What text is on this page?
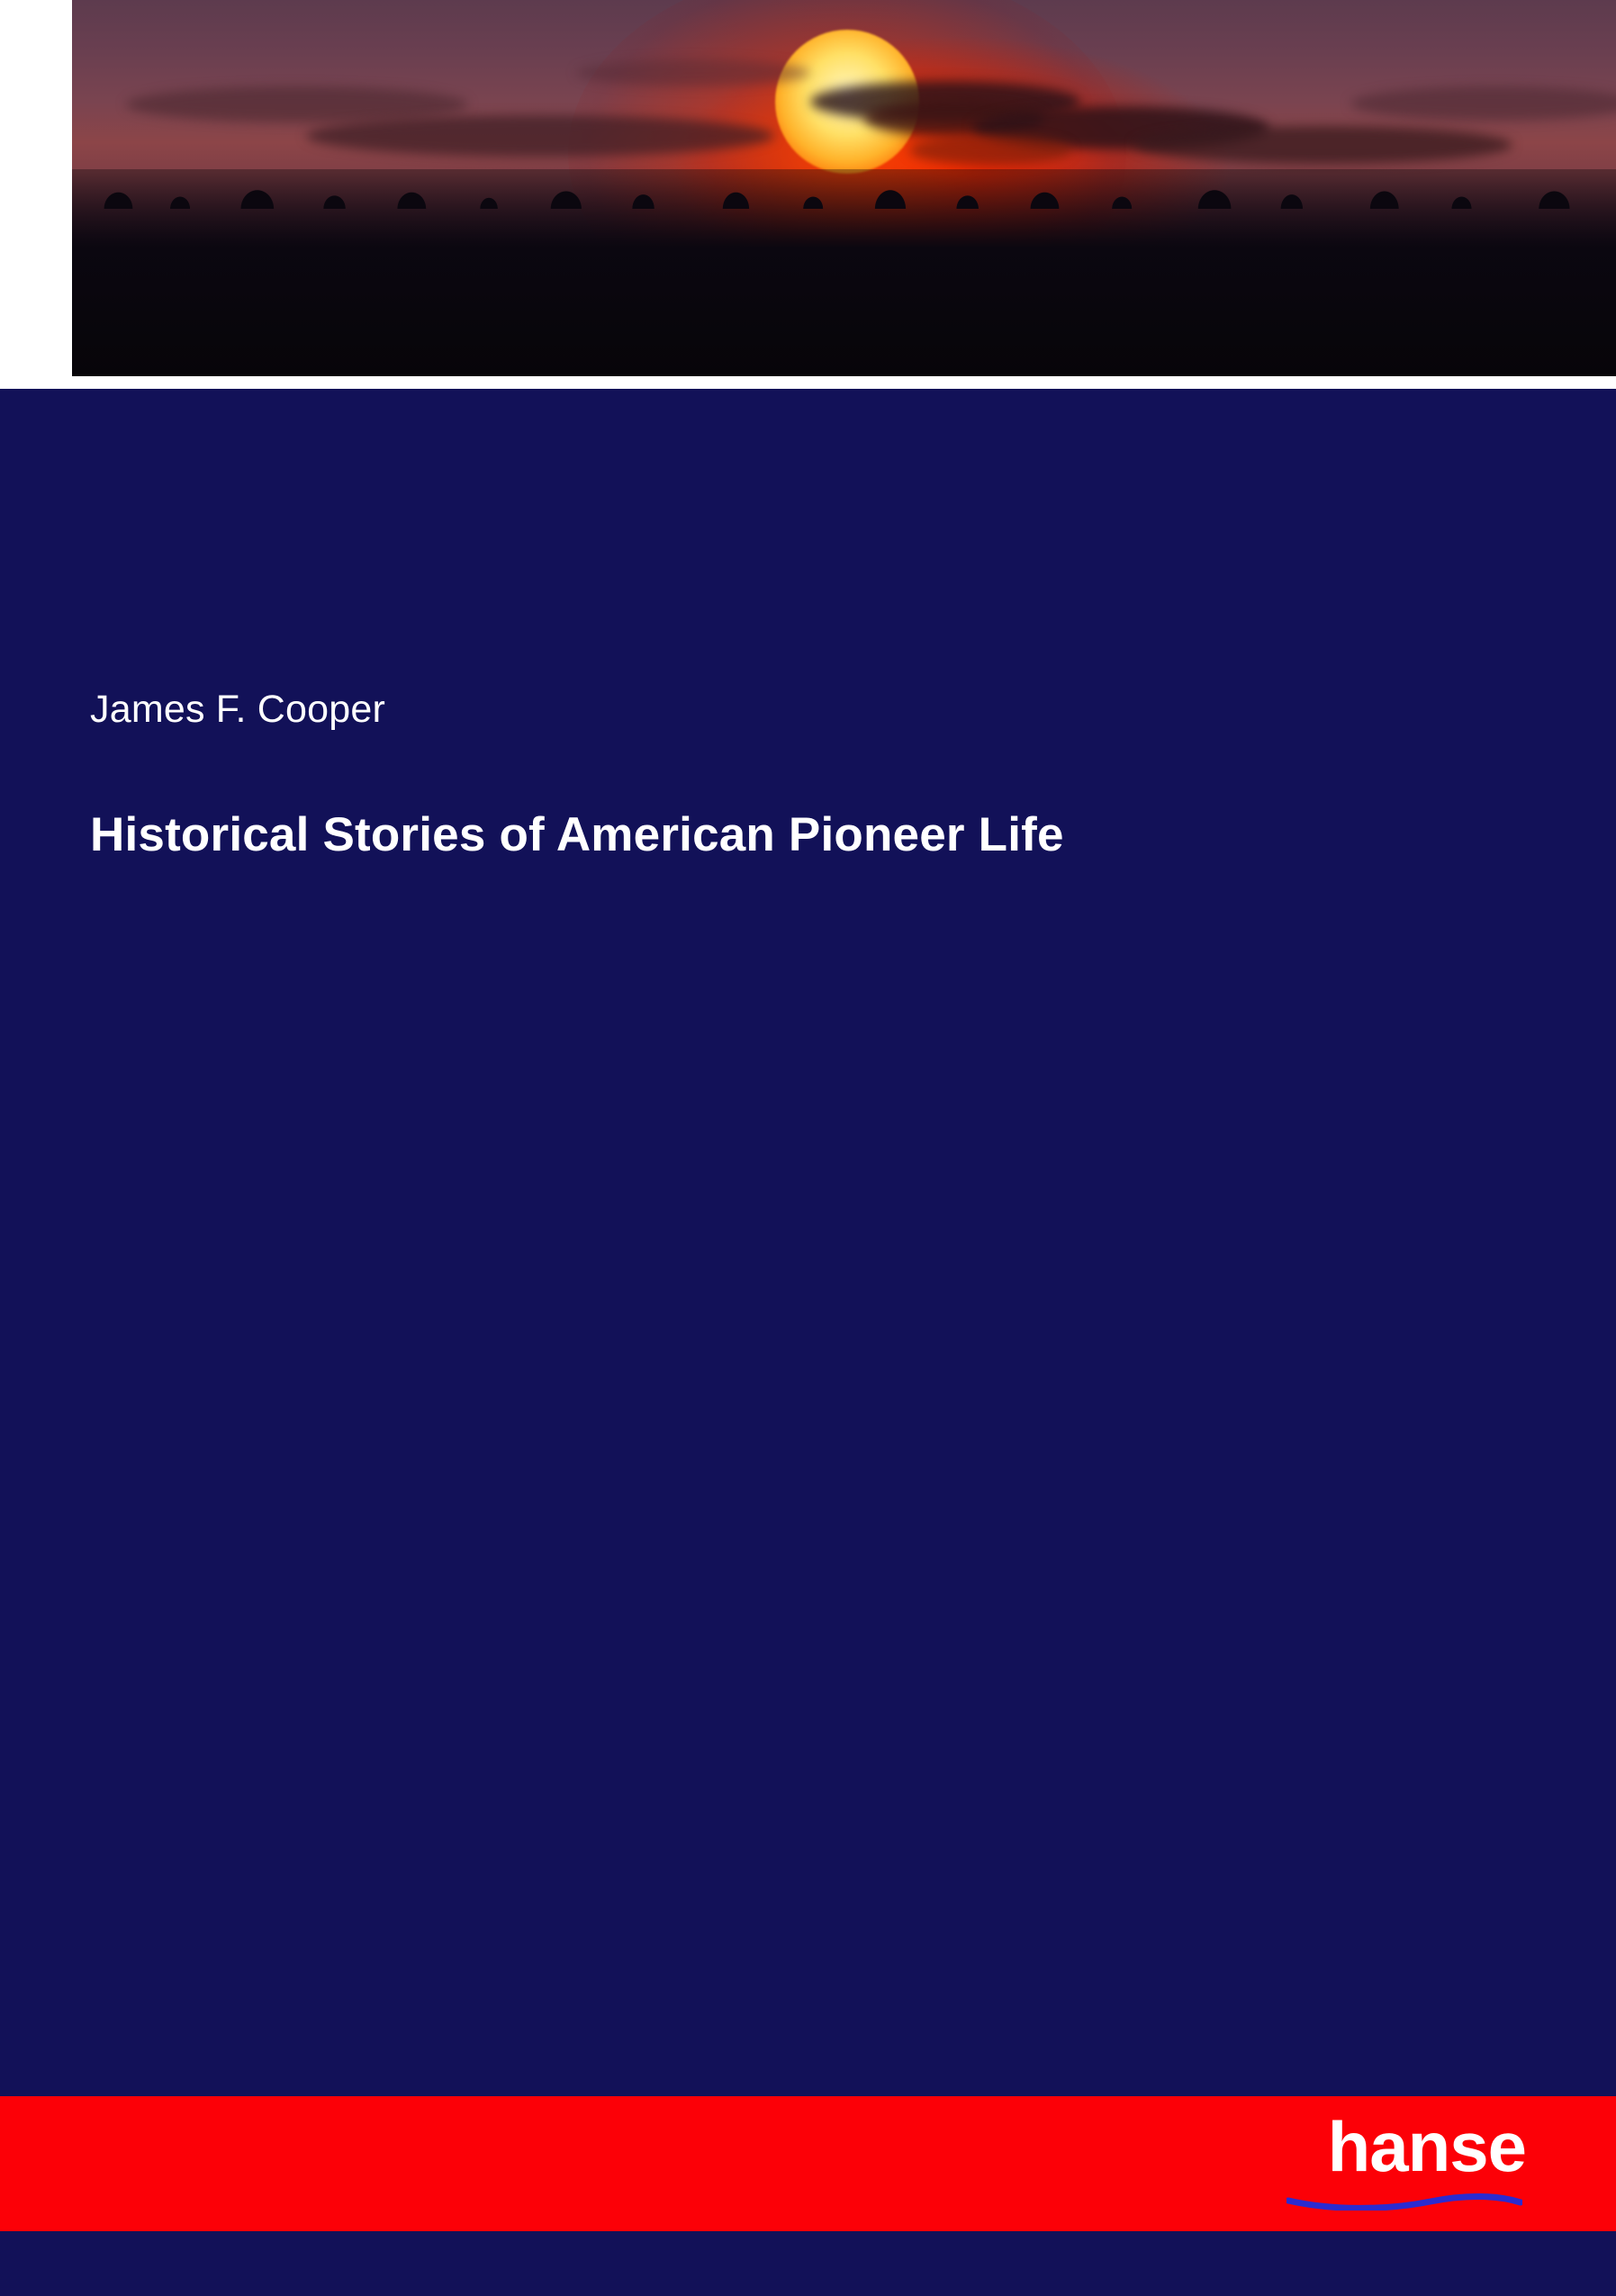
James F. Cooper
Historical Stories of American Pioneer Life
hanse
